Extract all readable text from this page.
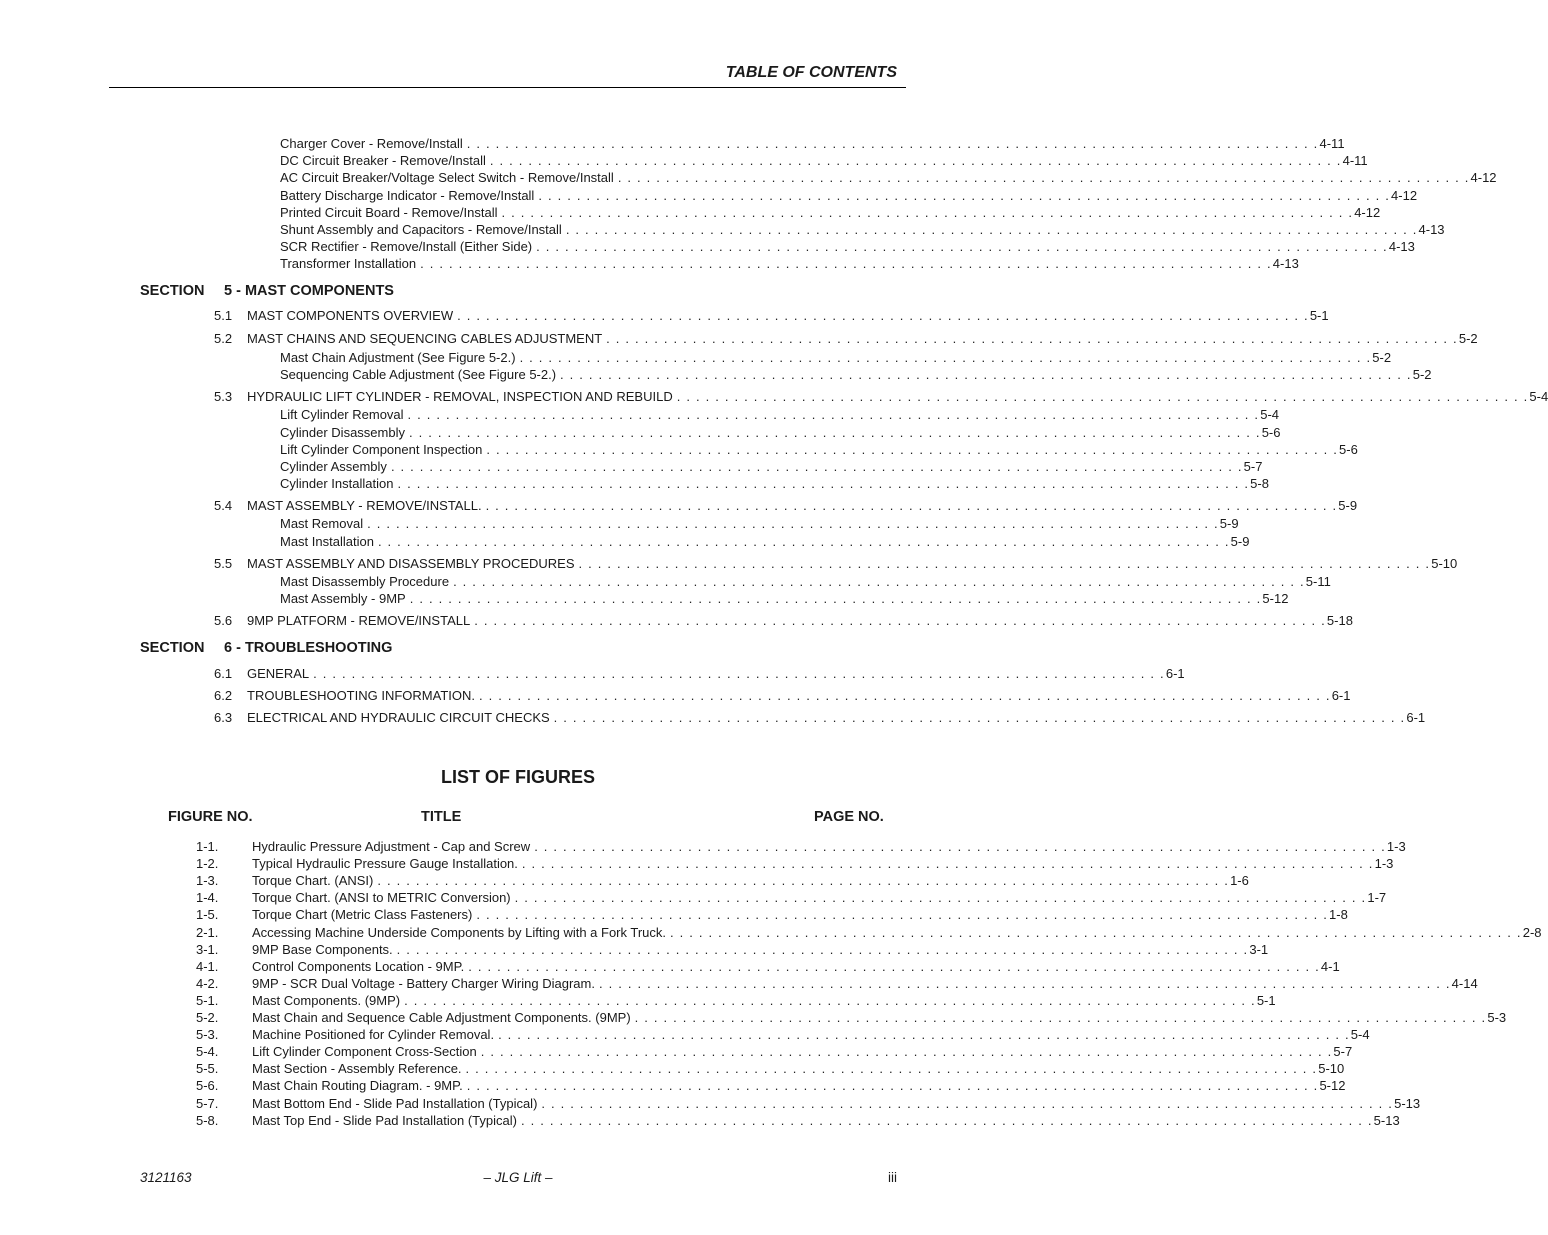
TABLE OF CONTENTS
Charger Cover - Remove/Install . . . . . . . . . . . . . . . . . . . . . . . . . . . . . . . . . . . . . . . . . . . . . . . . . . . . . . . . . . . . . . . . . . . . . . . . . . . . . . . . . . . . . . . . . 4-11
DC Circuit Breaker - Remove/Install . . . . . . . . . . . . . . . . . . . . . . . . . . . . . . . . . . . . . . . . . . . . . . . . . . . . . . . . . . . . . . . . . . . . . . . . . . . . . . . . . . . . . . . . . 4-11
AC Circuit Breaker/Voltage Select Switch - Remove/Install . . . . . . . . . . . . . . . . . . . . . . . . . . . . . . . . . . . . . . . . . . . . . . . . . . . . . . . . . . . . . . . . . . . . . . . . . . . . . . . . . . . . . . . . . 4-12
Battery Discharge Indicator - Remove/Install . . . . . . . . . . . . . . . . . . . . . . . . . . . . . . . . . . . . . . . . . . . . . . . . . . . . . . . . . . . . . . . . . . . . . . . . . . . . . . . . . . . . . . . . . 4-12
Printed Circuit Board - Remove/Install . . . . . . . . . . . . . . . . . . . . . . . . . . . . . . . . . . . . . . . . . . . . . . . . . . . . . . . . . . . . . . . . . . . . . . . . . . . . . . . . . . . . . . . . . 4-12
Shunt Assembly and Capacitors - Remove/Install . . . . . . . . . . . . . . . . . . . . . . . . . . . . . . . . . . . . . . . . . . . . . . . . . . . . . . . . . . . . . . . . . . . . . . . . . . . . . . . . . . . . . . . . . 4-13
SCR Rectifier - Remove/Install (Either Side) . . . . . . . . . . . . . . . . . . . . . . . . . . . . . . . . . . . . . . . . . . . . . . . . . . . . . . . . . . . . . . . . . . . . . . . . . . . . . . . . . . . . . . . . . 4-13
Transformer Installation . . . . . . . . . . . . . . . . . . . . . . . . . . . . . . . . . . . . . . . . . . . . . . . . . . . . . . . . . . . . . . . . . . . . . . . . . . . . . . . . . . . . . . . . . 4-13
SECTION 5 - MAST COMPONENTS
5.1	MAST COMPONENTS OVERVIEW . . . . . . . . . . . . . . . . . . . . . . . . . . . . . . . . . . . . . . . . . . . . . . . . . . . . . . . . . . . . . . . . . . . . . . . . . . . . . . . . . . . . . . . . . 5-1
5.2	MAST CHAINS AND SEQUENCING CABLES ADJUSTMENT . . . . . . . . . . . . . . . . . . . . . . . . . . . . . . . . . . . . . . . . . . . . . . . . . . . . . . . . . . . . . . . . . . . . . . . . . . . . . . . . . . . . . . . . . 5-2
Mast Chain Adjustment (See Figure 5-2.) . . . . . . . . . . . . . . . . . . . . . . . . . . . . . . . . . . . . . . . . . . . . . . . . . . . . . . . . . . . . . . . . . . . . . . . . . . . . . . . . . . . . . . . . . 5-2
Sequencing Cable Adjustment (See Figure 5-2.) . . . . . . . . . . . . . . . . . . . . . . . . . . . . . . . . . . . . . . . . . . . . . . . . . . . . . . . . . . . . . . . . . . . . . . . . . . . . . . . . . . . . . . . . . 5-2
5.3	HYDRAULIC LIFT CYLINDER - REMOVAL, INSPECTION AND REBUILD . . . . . . . . . . . . . . . . . . . . . . . . . . . . . . . . . . . . . . . . . . . . . . . . . . . . . . . . . . . . . . . . . . . . . . . . . . . . . . . . . . . . . . . . . 5-4
Lift Cylinder Removal . . . . . . . . . . . . . . . . . . . . . . . . . . . . . . . . . . . . . . . . . . . . . . . . . . . . . . . . . . . . . . . . . . . . . . . . . . . . . . . . . . . . . . . . . 5-4
Cylinder Disassembly . . . . . . . . . . . . . . . . . . . . . . . . . . . . . . . . . . . . . . . . . . . . . . . . . . . . . . . . . . . . . . . . . . . . . . . . . . . . . . . . . . . . . . . . . 5-6
Lift Cylinder Component Inspection . . . . . . . . . . . . . . . . . . . . . . . . . . . . . . . . . . . . . . . . . . . . . . . . . . . . . . . . . . . . . . . . . . . . . . . . . . . . . . . . . . . . . . . . . 5-6
Cylinder Assembly . . . . . . . . . . . . . . . . . . . . . . . . . . . . . . . . . . . . . . . . . . . . . . . . . . . . . . . . . . . . . . . . . . . . . . . . . . . . . . . . . . . . . . . . . 5-7
Cylinder Installation . . . . . . . . . . . . . . . . . . . . . . . . . . . . . . . . . . . . . . . . . . . . . . . . . . . . . . . . . . . . . . . . . . . . . . . . . . . . . . . . . . . . . . . . . 5-8
5.4	MAST ASSEMBLY - REMOVE/INSTALL. . . . . . . . . . . . . . . . . . . . . . . . . . . . . . . . . . . . . . . . . . . . . . . . . . . . . . . . . . . . . . . . . . . . . . . . . . . . . . . . . . . . . . . . . . 5-9
Mast Removal . . . . . . . . . . . . . . . . . . . . . . . . . . . . . . . . . . . . . . . . . . . . . . . . . . . . . . . . . . . . . . . . . . . . . . . . . . . . . . . . . . . . . . . . . 5-9
Mast Installation . . . . . . . . . . . . . . . . . . . . . . . . . . . . . . . . . . . . . . . . . . . . . . . . . . . . . . . . . . . . . . . . . . . . . . . . . . . . . . . . . . . . . . . . . 5-9
5.5	MAST ASSEMBLY AND DISASSEMBLY PROCEDURES . . . . . . . . . . . . . . . . . . . . . . . . . . . . . . . . . . . . . . . . . . . . . . . . . . . . . . . . . . . . . . . . . . . . . . . . . . . . . . . . . . . . . . . . . 5-10
Mast Disassembly Procedure . . . . . . . . . . . . . . . . . . . . . . . . . . . . . . . . . . . . . . . . . . . . . . . . . . . . . . . . . . . . . . . . . . . . . . . . . . . . . . . . . . . . . . . . . 5-11
Mast Assembly - 9MP . . . . . . . . . . . . . . . . . . . . . . . . . . . . . . . . . . . . . . . . . . . . . . . . . . . . . . . . . . . . . . . . . . . . . . . . . . . . . . . . . . . . . . . . . 5-12
5.6	9MP PLATFORM - REMOVE/INSTALL . . . . . . . . . . . . . . . . . . . . . . . . . . . . . . . . . . . . . . . . . . . . . . . . . . . . . . . . . . . . . . . . . . . . . . . . . . . . . . . . . . . . . . . . . 5-18
SECTION 6 - TROUBLESHOOTING
6.1	GENERAL . . . . . . . . . . . . . . . . . . . . . . . . . . . . . . . . . . . . . . . . . . . . . . . . . . . . . . . . . . . . . . . . . . . . . . . . . . . . . . . . . . . . . . . . . 6-1
6.2	TROUBLESHOOTING INFORMATION. . . . . . . . . . . . . . . . . . . . . . . . . . . . . . . . . . . . . . . . . . . . . . . . . . . . . . . . . . . . . . . . . . . . . . . . . . . . . . . . . . . . . . . . . . 6-1
6.3	ELECTRICAL AND HYDRAULIC CIRCUIT CHECKS . . . . . . . . . . . . . . . . . . . . . . . . . . . . . . . . . . . . . . . . . . . . . . . . . . . . . . . . . . . . . . . . . . . . . . . . . . . . . . . . . . . . . . . . . 6-1
LIST OF FIGURES
FIGURE NO.	TITLE	PAGE NO.
1-1.	Hydraulic Pressure Adjustment - Cap and Screw . . . . . . . . . . . . . . . . . . . . . . . . . . . . . . . . . . . . . . . . . . . . . . . . . . . . . . . . . . . . . . . . . . . . . . . . . . . . . . . . . . . . . . . . . 1-3
1-2.	Typical Hydraulic Pressure Gauge Installation. . . . . . . . . . . . . . . . . . . . . . . . . . . . . . . . . . . . . . . . . . . . . . . . . . . . . . . . . . . . . . . . . . . . . . . . . . . . . . . . . . . . . . . . . . 1-3
1-3.	Torque Chart. (ANSI) . . . . . . . . . . . . . . . . . . . . . . . . . . . . . . . . . . . . . . . . . . . . . . . . . . . . . . . . . . . . . . . . . . . . . . . . . . . . . . . . . . . . . . . . . 1-6
1-4.	Torque Chart. (ANSI to METRIC Conversion) . . . . . . . . . . . . . . . . . . . . . . . . . . . . . . . . . . . . . . . . . . . . . . . . . . . . . . . . . . . . . . . . . . . . . . . . . . . . . . . . . . . . . . . . . 1-7
1-5.	Torque Chart (Metric Class Fasteners) . . . . . . . . . . . . . . . . . . . . . . . . . . . . . . . . . . . . . . . . . . . . . . . . . . . . . . . . . . . . . . . . . . . . . . . . . . . . . . . . . . . . . . . . . 1-8
2-1.	Accessing Machine Underside Components by Lifting with a Fork Truck. . . . . . . . . . . . . . . . . . . . . . . . . . . . . . . . . . . . . . . . . . . . . . . . . . . . . . . . . . . . . . . . . . . . . . . . . . . . . . . . . . . . . . . . . . 2-8
3-1.	9MP Base Components. . . . . . . . . . . . . . . . . . . . . . . . . . . . . . . . . . . . . . . . . . . . . . . . . . . . . . . . . . . . . . . . . . . . . . . . . . . . . . . . . . . . . . . . . . 3-1
4-1.	Control Components Location - 9MP. . . . . . . . . . . . . . . . . . . . . . . . . . . . . . . . . . . . . . . . . . . . . . . . . . . . . . . . . . . . . . . . . . . . . . . . . . . . . . . . . . . . . . . . . . 4-1
4-2.	9MP - SCR Dual Voltage - Battery Charger Wiring Diagram. . . . . . . . . . . . . . . . . . . . . . . . . . . . . . . . . . . . . . . . . . . . . . . . . . . . . . . . . . . . . . . . . . . . . . . . . . . . . . . . . . . . . . . . . . 4-14
5-1.	Mast Components. (9MP) . . . . . . . . . . . . . . . . . . . . . . . . . . . . . . . . . . . . . . . . . . . . . . . . . . . . . . . . . . . . . . . . . . . . . . . . . . . . . . . . . . . . . . . . . 5-1
5-2.	Mast Chain and Sequence Cable Adjustment Components. (9MP) . . . . . . . . . . . . . . . . . . . . . . . . . . . . . . . . . . . . . . . . . . . . . . . . . . . . . . . . . . . . . . . . . . . . . . . . . . . . . . . . . . . . . . . . . 5-3
5-3.	Machine Positioned for Cylinder Removal. . . . . . . . . . . . . . . . . . . . . . . . . . . . . . . . . . . . . . . . . . . . . . . . . . . . . . . . . . . . . . . . . . . . . . . . . . . . . . . . . . . . . . . . . . 5-4
5-4.	Lift Cylinder Component Cross-Section . . . . . . . . . . . . . . . . . . . . . . . . . . . . . . . . . . . . . . . . . . . . . . . . . . . . . . . . . . . . . . . . . . . . . . . . . . . . . . . . . . . . . . . . . 5-7
5-5.	Mast Section - Assembly Reference. . . . . . . . . . . . . . . . . . . . . . . . . . . . . . . . . . . . . . . . . . . . . . . . . . . . . . . . . . . . . . . . . . . . . . . . . . . . . . . . . . . . . . . . . . 5-10
5-6.	Mast Chain Routing Diagram. - 9MP. . . . . . . . . . . . . . . . . . . . . . . . . . . . . . . . . . . . . . . . . . . . . . . . . . . . . . . . . . . . . . . . . . . . . . . . . . . . . . . . . . . . . . . . . . 5-12
5-7.	Mast Bottom End - Slide Pad Installation (Typical) . . . . . . . . . . . . . . . . . . . . . . . . . . . . . . . . . . . . . . . . . . . . . . . . . . . . . . . . . . . . . . . . . . . . . . . . . . . . . . . . . . . . . . . . . 5-13
5-8.	Mast Top End - Slide Pad Installation (Typical) . . . . . . . . . . . . . . . . . . . . . . . . . . . . . . . . . . . . . . . . . . . . . . . . . . . . . . . . . . . . . . . . . . . . . . . . . . . . . . . . . . . . . . . . . 5-13
3121163	– JLG Lift –	iii
